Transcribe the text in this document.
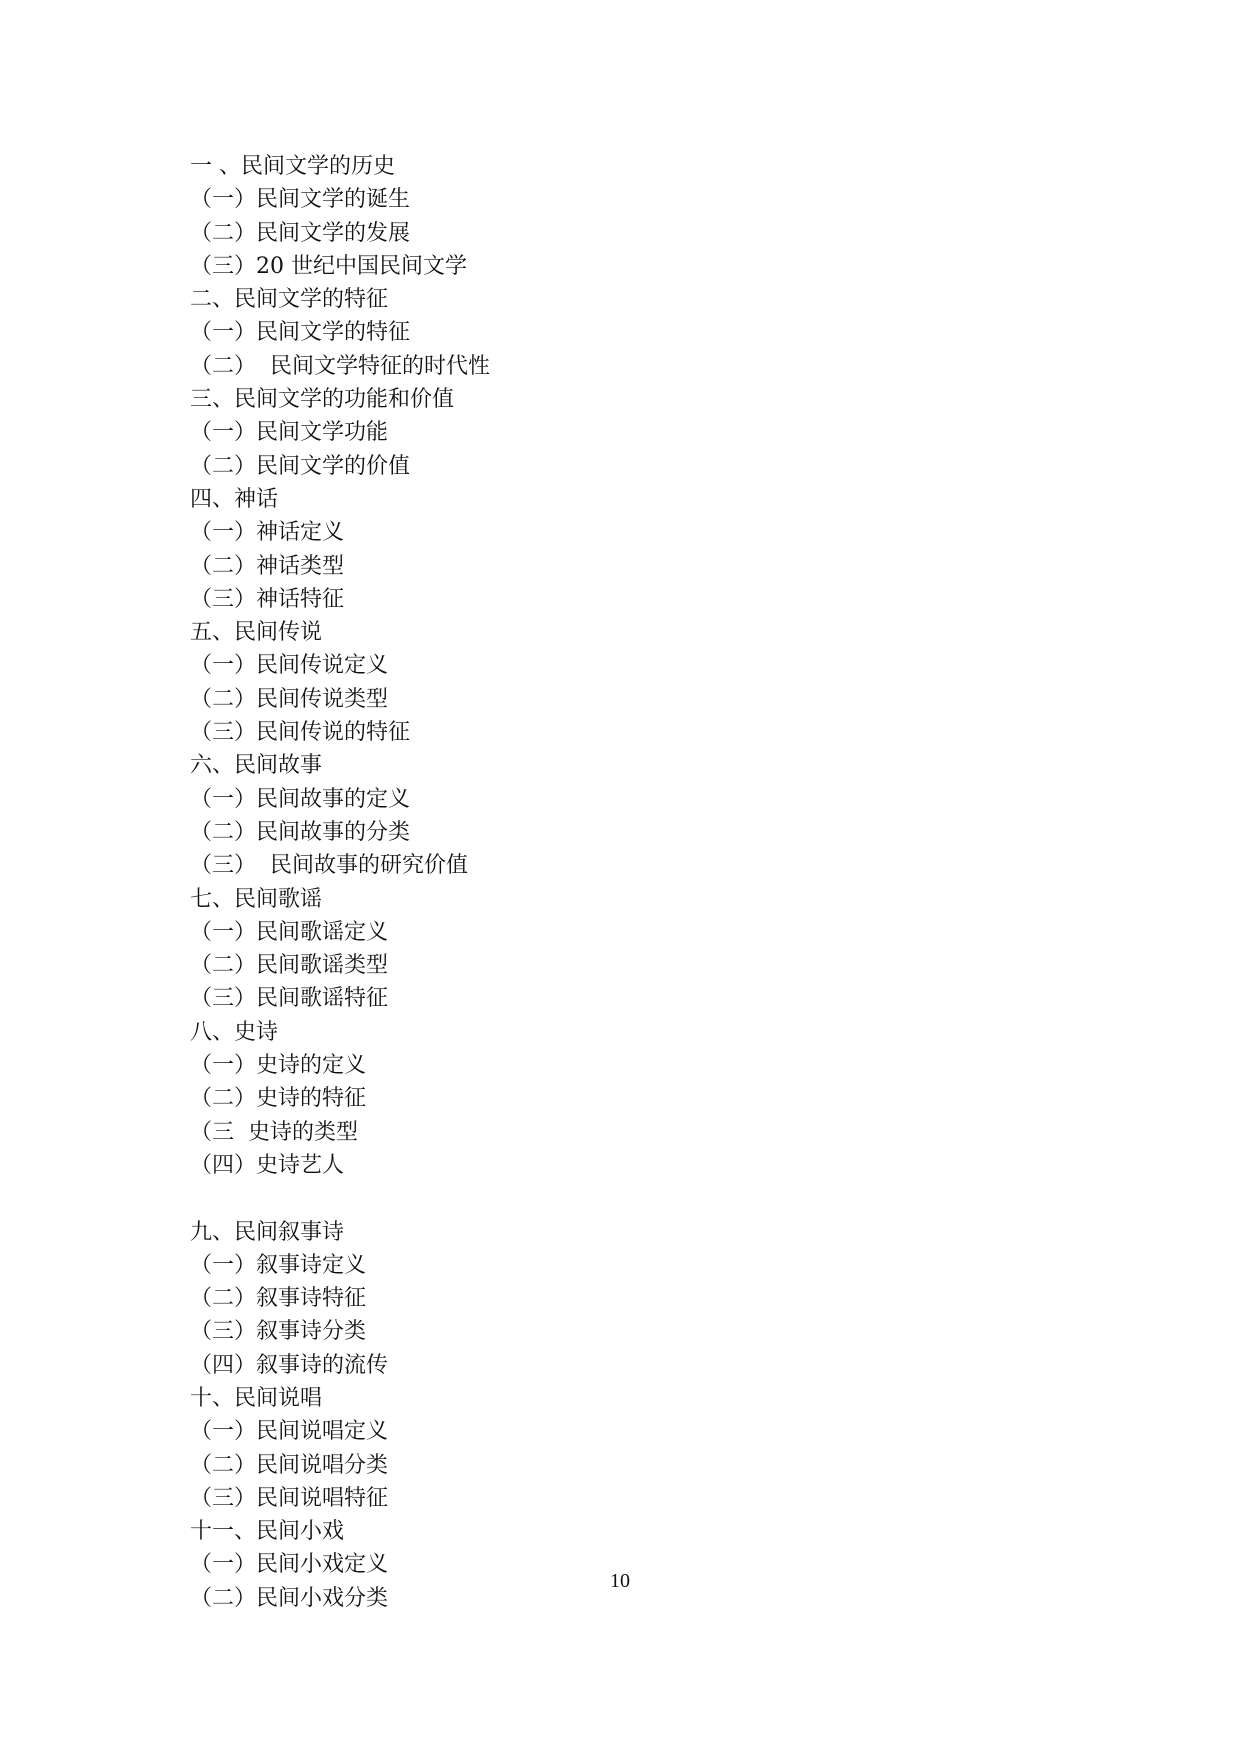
一 、民间文学的历史
（一）民间文学的诞生
（二）民间文学的发展
（三）20 世纪中国民间文学
二、民间文学的特征
（一）民间文学的特征
（二）  民间文学特征的时代性
三、民间文学的功能和价值
（一）民间文学功能
（二）民间文学的价值
四、神话
（一）神话定义
（二）神话类型
（三）神话特征
五、民间传说
（一）民间传说定义
（二）民间传说类型
（三）民间传说的特征
六、民间故事
（一）民间故事的定义
（二）民间故事的分类
（三）  民间故事的研究价值
七、民间歌谣
（一）民间歌谣定义
（二）民间歌谣类型
（三）民间歌谣特征
八、史诗
（一）史诗的定义
（二）史诗的特征
（三  史诗的类型
（四）史诗艺人
九、民间叙事诗
（一）叙事诗定义
（二）叙事诗特征
（三）叙事诗分类
（四）叙事诗的流传
十、民间说唱
（一）民间说唱定义
（二）民间说唱分类
（三）民间说唱特征
十一、民间小戏
（一）民间小戏定义
（二）民间小戏分类
10
